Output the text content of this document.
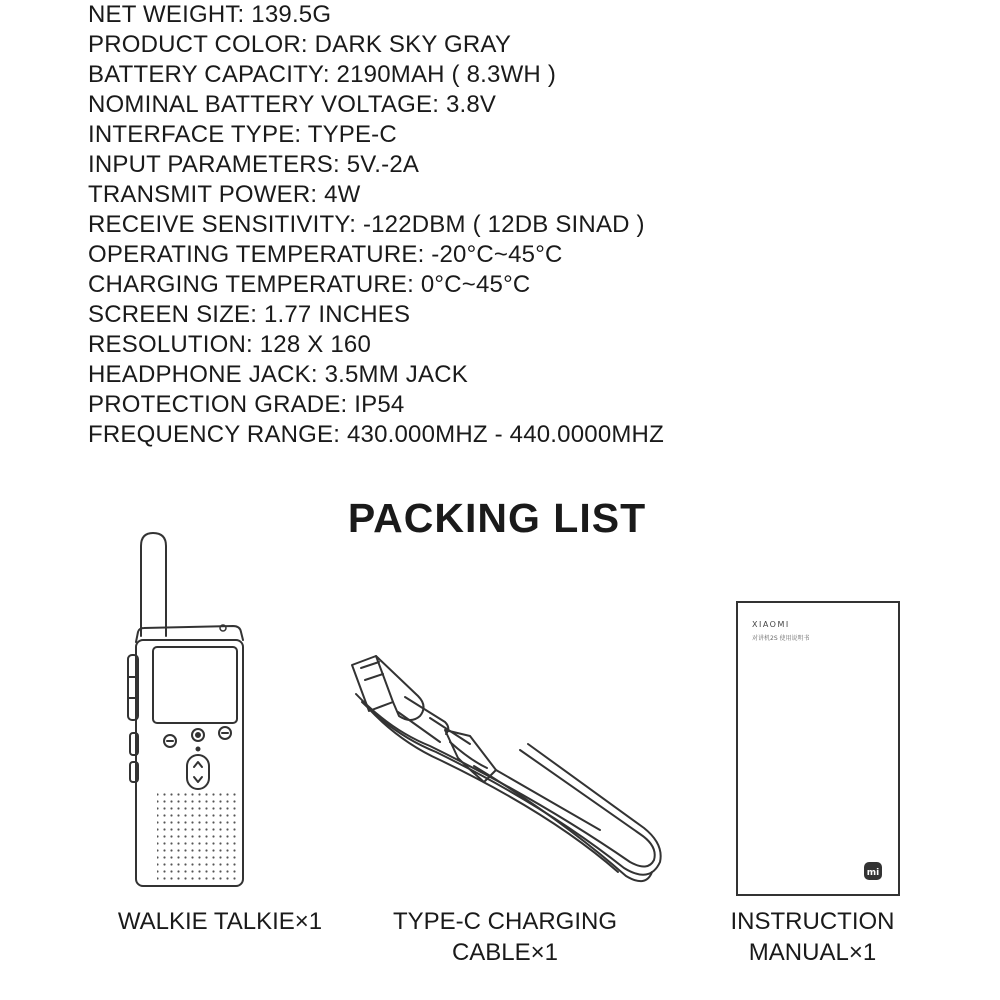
NET WEIGHT: 139.5G
PRODUCT COLOR: DARK SKY GRAY
BATTERY CAPACITY: 2190MAH ( 8.3WH )
NOMINAL BATTERY VOLTAGE: 3.8V
INTERFACE TYPE: TYPE-C
INPUT PARAMETERS: 5V.-2A
TRANSMIT POWER: 4W
RECEIVE SENSITIVITY: -122DBM ( 12DB SINAD )
OPERATING TEMPERATURE: -20°C~45°C
CHARGING TEMPERATURE: 0°C~45°C
SCREEN SIZE: 1.77 INCHES
RESOLUTION: 128 X 160
HEADPHONE JACK: 3.5MM JACK
PROTECTION GRADE: IP54
FREQUENCY RANGE: 430.000MHZ - 440.0000MHZ
PACKING LIST
XIAOMI
对讲机2S 使用说明书
mi
WALKIE TALKIE×1	TYPE-C CHARGING
CABLE×1
INSTRUCTION
MANUAL×1
